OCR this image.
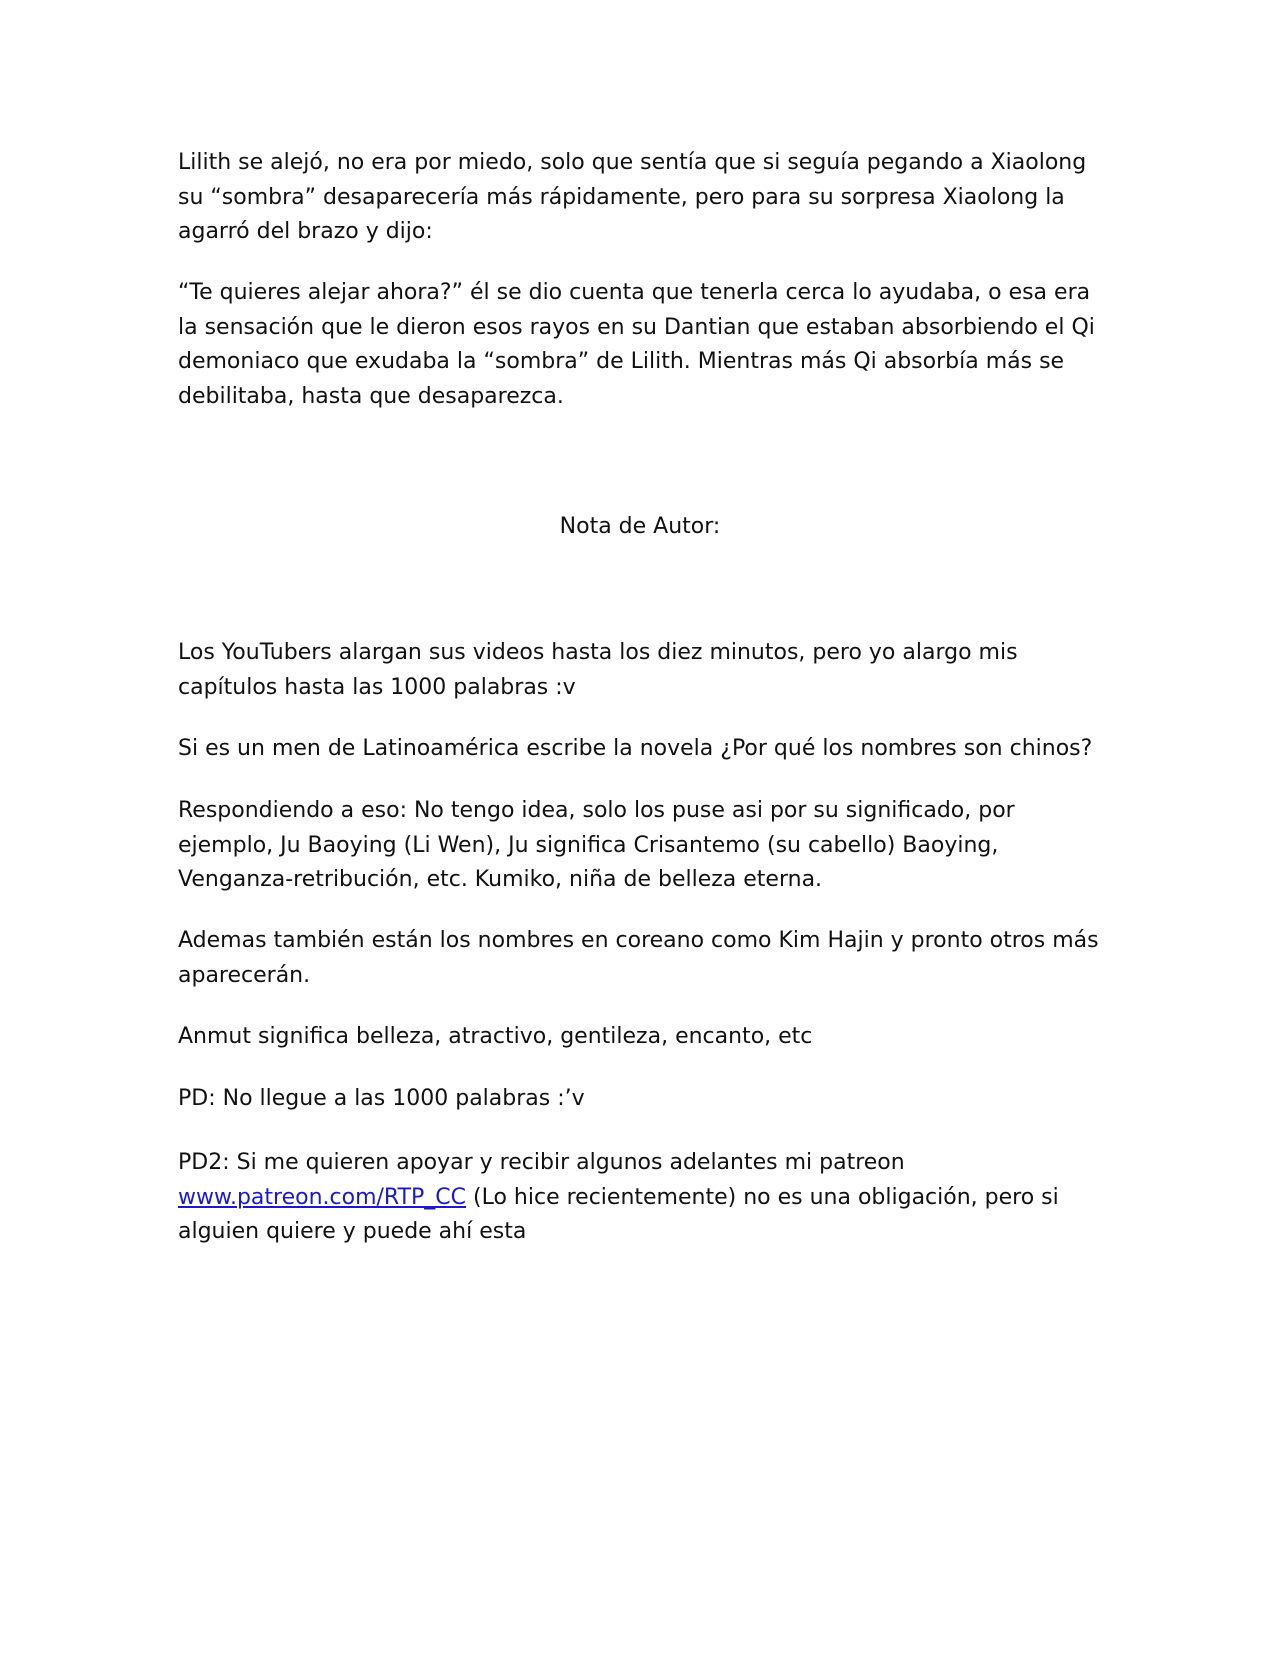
Lilith se alejó, no era por miedo, solo que sentía que si seguía pegando a Xiaolong su “sombra” desaparecería más rápidamente, pero para su sorpresa Xiaolong la agarró del brazo y dijo:

“Te quieres alejar ahora?” él se dio cuenta que tenerla cerca lo ayudaba, o esa era la sensación que le dieron esos rayos en su Dantian que estaban absorbiendo el Qi demoniaco que exudaba la “sombra” de Lilith. Mientras más Qi absorbía más se debilitaba, hasta que desaparezca.

Nota de Autor:

Los YouTubers alargan sus videos hasta los diez minutos, pero yo alargo mis capítulos hasta las 1000 palabras :v

Si es un men de Latinoamérica escribe la novela ¿Por qué los nombres son chinos?

Respondiendo a eso: No tengo idea, solo los puse asi por su significado, por ejemplo, Ju Baoying (Li Wen), Ju significa Crisantemo (su cabello) Baoying, Venganza-retribución, etc. Kumiko, niña de belleza eterna.

Ademas también están los nombres en coreano como Kim Hajin y pronto otros más aparecerán.

Anmut significa belleza, atractivo, gentileza, encanto, etc

PD: No llegue a las 1000 palabras :’v

PD2: Si me quieren apoyar y recibir algunos adelantes mi patreon
www.patreon.com/RTP_CC (Lo hice recientemente) no es una obligación, pero si alguien quiere y puede ahí esta
